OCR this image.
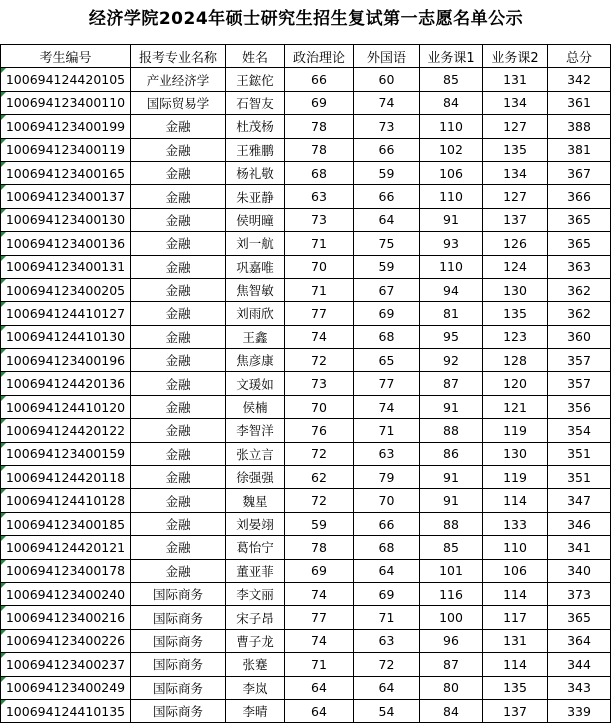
经济学院2024年硕士研究生招生复试第一志愿名单公示
考生编号	报考专业名称	姓名	政治理论	外国语	业务课1	业务课2	总分
100694124420105	产业经济学	王鋐佗	66	60	85	131	342
100694123400110	国际贸易学	石智友	69	74	84	134	361
100694123400199	金融	杜茂杨	78	73	110	127	388
100694123400119	金融	王雅鹏	78	66	102	135	381
100694123400165	金融	杨礼敬	68	59	106	134	367
100694123400137	金融	朱亚静	63	66	110	127	366
100694123400130	金融	侯明曈	73	64	91	137	365
100694123400136	金融	刘一航	71	75	93	126	365
100694123400131	金融	巩嘉唯	70	59	110	124	363
100694123400205	金融	焦智敏	71	67	94	130	362
100694124410127	金融	刘雨欣	77	69	81	135	362
100694124410130	金融	王鑫	74	68	95	123	360
100694123400196	金融	焦彦康	72	65	92	128	357
100694124420136	金融	文瑗如	73	77	87	120	357
100694124410120	金融	侯楠	70	74	91	121	356
100694124420122	金融	李智洋	76	71	88	119	354
100694123400159	金融	张立言	72	63	86	130	351
100694124420118	金融	徐强强	62	79	91	119	351
100694124410128	金融	魏星	72	70	91	114	347
100694123400185	金融	刘晏翊	59	66	88	133	346
100694124420121	金融	葛怡宁	78	68	85	110	341
100694123400178	金融	董亚菲	69	64	101	106	340
100694123400240	国际商务	李文丽	74	69	116	114	373
100694123400216	国际商务	宋子昂	77	71	100	117	365
100694123400226	国际商务	曹子龙	74	63	96	131	364
100694123400237	国际商务	张蹇	71	72	87	114	344
100694123400249	国际商务	李岚	64	64	80	135	343
100694124410135	国际商务	李晴	64	54	84	137	339
